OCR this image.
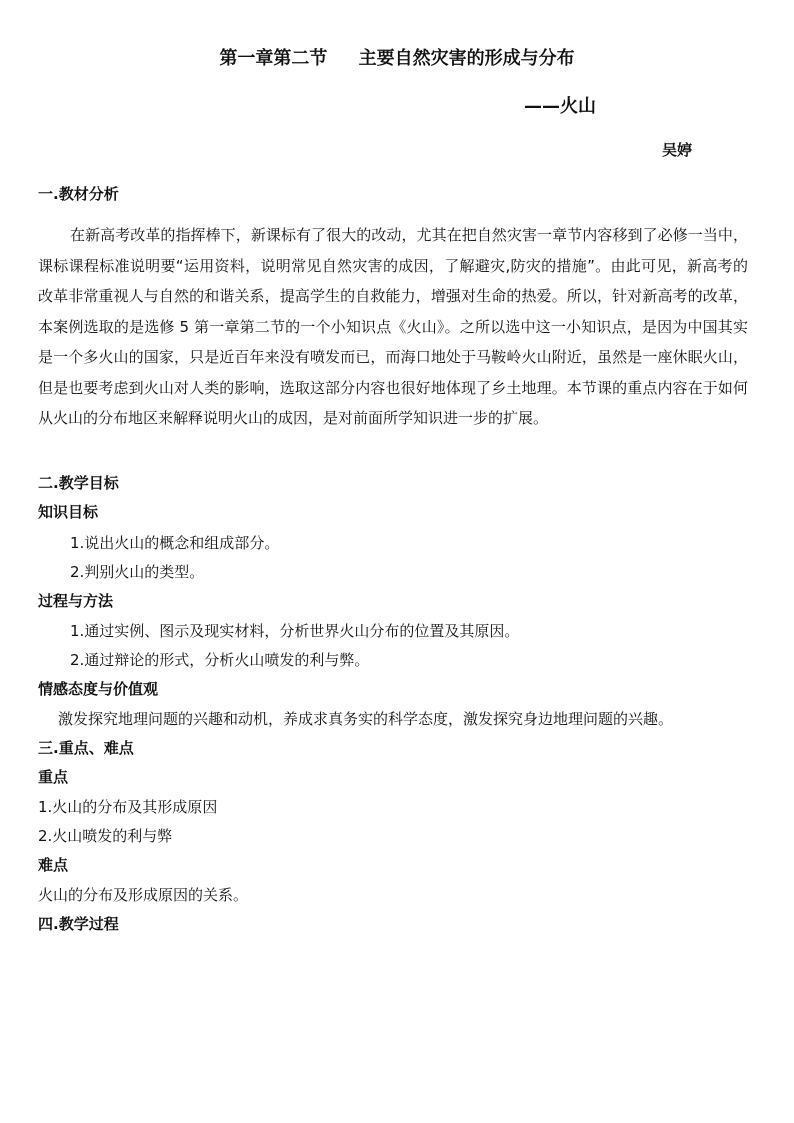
第一章第二节     主要自然灾害的形成与分布
——火山
吴婷
一.教材分析
在新高考改革的指挥棒下，新课标有了很大的改动，尤其在把自然灾害一章节内容移到了必修一当中，课标课程标准说明要“运用资料，说明常见自然灾害的成因，了解避灾,防灾的措施”。由此可见，新高考的改革非常重视人与自然的和谐关系，提高学生的自救能力，增强对生命的热爱。所以，针对新高考的改革，本案例选取的是选修 5 第一章第二节的一个小知识点《火山》。之所以选中这一小知识点，是因为中国其实是一个多火山的国家，只是近百年来没有喷发而已，而海口地处于马鞍岭火山附近，虽然是一座休眠火山，但是也要考虑到火山对人类的影响，选取这部分内容也很好地体现了乡土地理。本节课的重点内容在于如何从火山的分布地区来解释说明火山的成因，是对前面所学知识进一步的扩展。
二.教学目标
知识目标
1.说出火山的概念和组成部分。
2.判别火山的类型。
过程与方法
1.通过实例、图示及现实材料，分析世界火山分布的位置及其原因。
2.通过辩论的形式，分析火山喷发的利与弊。
情感态度与价值观
激发探究地理问题的兴趣和动机，养成求真务实的科学态度，激发探究身边地理问题的兴趣。
三.重点、难点
重点
1.火山的分布及其形成原因
2.火山喷发的利与弊
难点
火山的分布及形成原因的关系。
四.教学过程
